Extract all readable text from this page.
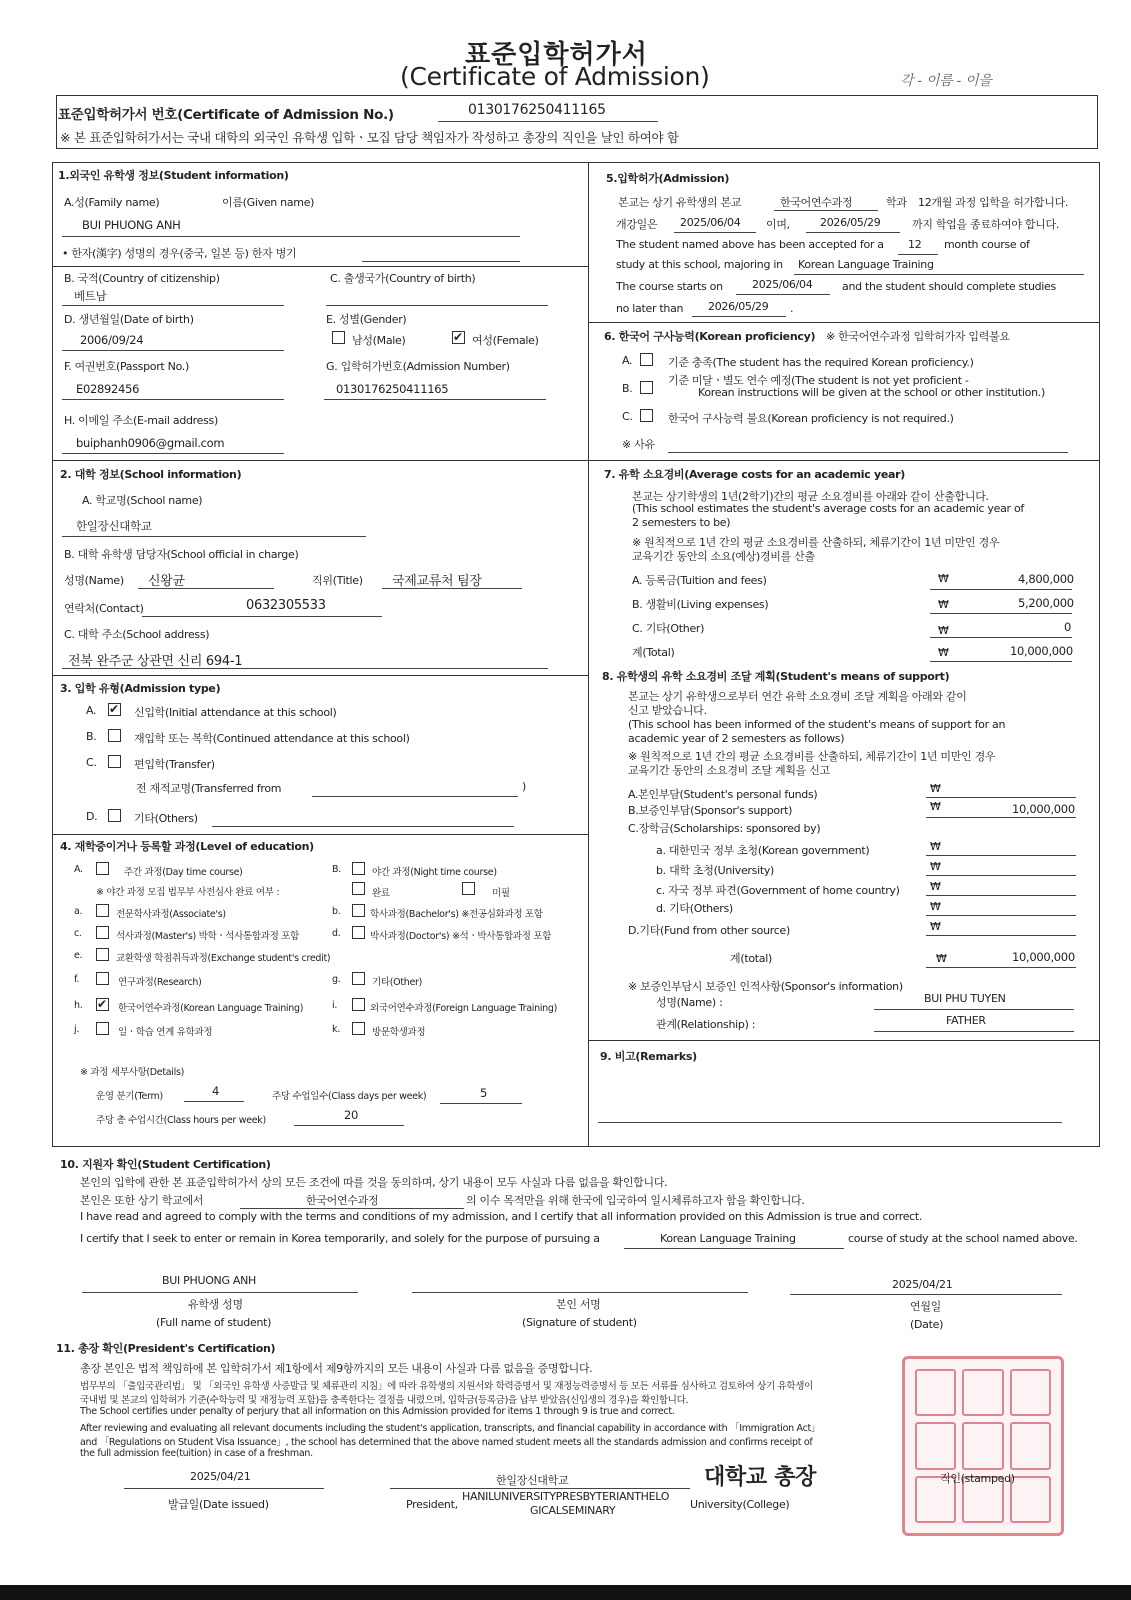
표준입학허가서
(Certificate of Admission)	각 - 이름 - 이을
표준입학허가서 번호(Certificate of Admission No.)	0130176250411165
※ 본 표준입학허가서는 국내 대학의 외국인 유학생 입학ㆍ모집 담당 책임자가 작성하고 총장의 직인을 날인 하여야 함
1.외국인 유학생 정보(Student information)
A.성(Family name)	이름(Given name)
BUI PHUONG ANH
• 한자(漢字) 성명의 경우(중국, 일본 등) 한자 병기
B. 국적(Country of citizenship)
베트남
C. 출생국가(Country of birth)
D. 생년월일(Date of birth)
2006/09/24
E. 성별(Gender)
남성(Male) ✔	여성(Female)
F. 여권번호(Passport No.)
E02892456
G. 입학허가번호(Admission Number)
0130176250411165
H. 이메일 주소(E-mail address)
buiphanh0906@gmail.com
2. 대학 정보(School information)
A. 학교명(School name)
한일장신대학교
B. 대학 유학생 담당자(School official in charge)
성명(Name) 신왕균	직위(Title) 국제교류처 팀장
연락처(Contact)	0632305533
C. 대학 주소(School address)
전북 완주군 상관면 신리 694-1
3. 입학 유형(Admission type)
A. ✔	신입학(Initial attendance at this school)
B.	재입학 또는 복학(Continued attendance at this school)
C.	편입학(Transfer)
전 재적교명(Transferred from	)
D.	기타(Others)
4. 재학중이거나 등록할 과정(Level of education)
A.	주간 과정(Day time course)	B.	야간 과정(Night time course)
※ 야간 과정 모집 법무부 사전심사 완료 여부 :	완료	미필
a.	전문학사과정(Associate's)	b.	학사과정(Bachelor's) ※전공심화과정 포함
c.	석사과정(Master's) 박학ㆍ석사통합과정 포함	d.	박사과정(Doctor's) ※석ㆍ박사통합과정 포함
e.	교환학생 학점취득과정(Exchange student's credit)
f.	연구과정(Research)	g.	기타(Other)
h. ✔	한국어연수과정(Korean Language Training)	i.	외국어연수과정(Foreign Language Training)
j.	일ㆍ학습 연계 유학과정	k.	방문학생과정
※ 과정 세부사항(Details)
운영 분기(Term)	4	주당 수업일수(Class days per week)	5
주당 총 수업시간(Class hours per week)	20
5.입학허가(Admission)
본교는 상기 유학생의 본교	한국어연수과정	학과 12개월 과정 입학을 허가합니다.
개강일은 2025/06/04 이며,	2026/05/29	까지 학업을 종료하여야 합니다.
The student named above has been accepted for a 12 month course of
study at this school, majoring in Korean Language Training
The course starts on	2025/06/04	and the student should complete studies
no later than 2026/05/29 .
6. 한국어 구사능력(Korean proficiency) ※ 한국어연수과정 입학허가자 입력불요
A.	기준 충족(The student has the required Korean proficiency.)
B.
기준 미달ㆍ별도 연수 예정(The student is not yet proficient -
Korean instructions will be given at the school or other institution.)
C.	한국어 구사능력 불요(Korean proficiency is not required.)
※ 사유
7. 유학 소요경비(Average costs for an academic year)
본교는 상기학생의 1년(2학기)간의 평균 소요경비를 아래와 같이 산출합니다.
(This school estimates the student's average costs for an academic year of
2 semesters to be)
※ 원칙적으로 1년 간의 평균 소요경비를 산출하되, 체류기간이 1년 미만인 경우
교육기간 동안의 소요(예상)경비를 산출
A. 등록금(Tuition and fees)	₩	4,800,000
B. 생활비(Living expenses)	₩	5,200,000
C. 기타(Other)	₩	0
계(Total)	₩	10,000,000
8. 유학생의 유학 소요경비 조달 계획(Student's means of support)
본교는 상기 유학생으로부터 연간 유학 소요경비 조달 계획을 아래와 같이
신고 받았습니다.
(This school has been informed of the student's means of support for an
academic year of 2 semesters as follows)
※ 원칙적으로 1년 간의 평균 소요경비를 산출하되, 체류기간이 1년 미만인 경우
교육기간 동안의 소요경비 조달 계획을 신고
A.본인부담(Student's personal funds)	₩
B.보증인부담(Sponsor's support)	₩	10,000,000
C.장학금(Scholarships: sponsored by)
a. 대한민국 정부 초청(Korean government)	₩
b. 대학 초청(University)	₩
c. 자국 정부 파견(Government of home country)	₩
d. 기타(Others)	₩
D.기타(Fund from other source)	₩
계(total)	₩	10,000,000
※ 보증인부담시 보증인 인적사항(Sponsor's information)
성명(Name) :	BUI PHU TUYEN
관계(Relationship) :	FATHER
9. 비고(Remarks)
10. 지원자 확인(Student Certification)
본인의 입학에 관한 본 표준입학허가서 상의 모든 조건에 따를 것을 동의하며, 상기 내용이 모두 사실과 다름 없음을 확인합니다.
본인은 또한 상기 학교에서	한국어연수과정	의 이수 목적만을 위해 한국에 입국하여 일시체류하고자 함을 확인합니다.
I have read and agreed to comply with the terms and conditions of my admission, and I certify that all information provided on this Admission is true and correct.
I certify that I seek to enter or remain in Korea temporarily, and solely for the purpose of pursuing a	Korean Language Training	course of study at the school named above.
BUI PHUONG ANH	2025/04/21
유학생 성명
(Full name of student)
본인 서명
(Signature of student)
연월일
(Date)
11. 총장 확인(President's Certification)
총장 본인은 법적 책임하에 본 입학허가서 제1항에서 제9항까지의 모든 내용이 사실과 다름 없음을 증명합니다.
법무부의 「출입국관리법」 및 「외국인 유학생 사증발급 및 체류관리 지침」에 따라 유학생의 지원서와 학력증명서 및 재정능력증명서 등 모든 서류를 심사하고 검토하여 상기 유학생이
국내법 및 본교의 입학허가 기준(수학능력 및 재정능력 포함)을 충족한다는 결정을 내렸으며, 입학금(등록금)을 납부 받았음(신입생의 경우)을 확인합니다.
The School certifies under penalty of perjury that all information on this Admission provided for items 1 through 9 is true and correct.
After reviewing and evaluating all relevant documents including the student's application, transcripts, and financial capability in accordance with 「Immigration Act」
and 「Regulations on Student Visa Issuance」, the school has determined that the above named student meets all the standards admission and confirms receipt of
the full admission fee(tuition) in case of a freshman.
2025/04/21
발급일(Date issued)
한일장신대학교
President,
HANILUNIVERSITYPRESBYTERIANTHELO
GICALSEMINARY	University(College)
대학교 총장	직인(stamped)
